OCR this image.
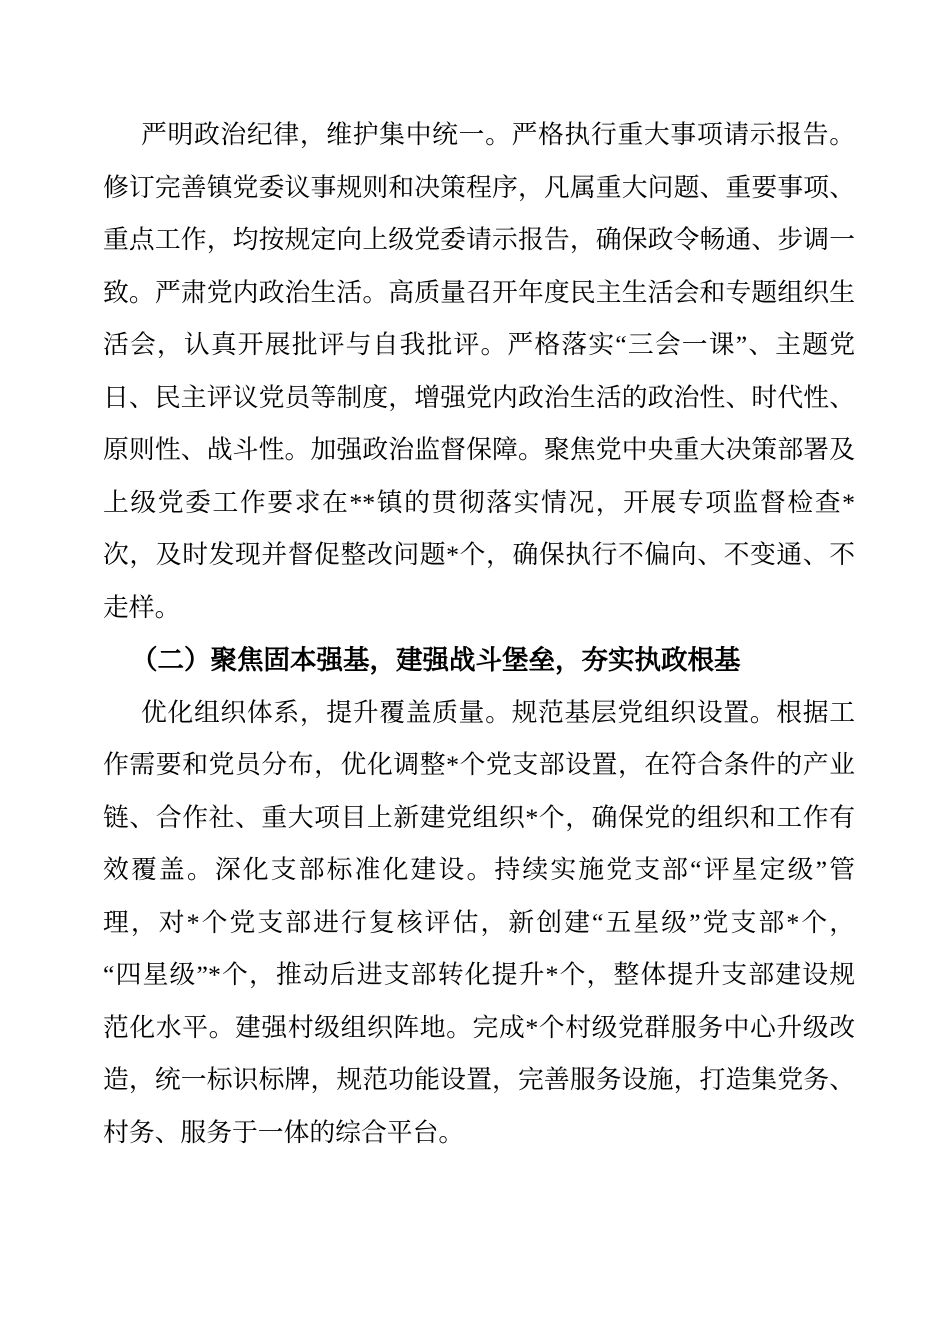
严明政治纪律，维护集中统一。严格执行重大事项请示报告。
修订完善镇党委议事规则和决策程序，凡属重大问题、重要事项、
重点工作，均按规定向上级党委请示报告，确保政令畅通、步调一
致。严肃党内政治生活。高质量召开年度民主生活会和专题组织生
活会，认真开展批评与自我批评。严格落实“三会一课”、主题党
日、民主评议党员等制度，增强党内政治生活的政治性、时代性、
原则性、战斗性。加强政治监督保障。聚焦党中央重大决策部署及
上级党委工作要求在**镇的贯彻落实情况，开展专项监督检查*
次，及时发现并督促整改问题*个，确保执行不偏向、不变通、不
走样。
（二）聚焦固本强基，建强战斗堡垒，夯实执政根基
优化组织体系，提升覆盖质量。规范基层党组织设置。根据工
作需要和党员分布，优化调整*个党支部设置，在符合条件的产业
链、合作社、重大项目上新建党组织*个，确保党的组织和工作有
效覆盖。深化支部标准化建设。持续实施党支部“评星定级”管
理，对*个党支部进行复核评估，新创建“五星级”党支部*个，
“四星级”*个，推动后进支部转化提升*个，整体提升支部建设规
范化水平。建强村级组织阵地。完成*个村级党群服务中心升级改
造，统一标识标牌，规范功能设置，完善服务设施，打造集党务、
村务、服务于一体的综合平台。
